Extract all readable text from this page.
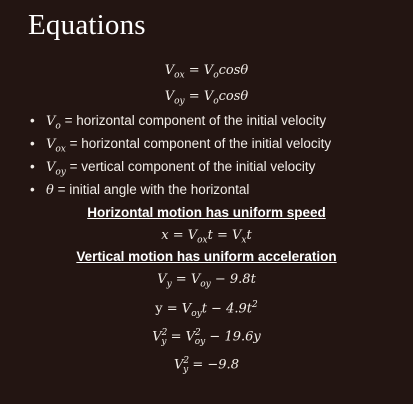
Equations
$V_{ox} = V_o\cos\theta$
$V_{oy} = V_o\cos\theta$
• $V_o$ = horizontal component of the initial velocity
• $V_{ox}$ = horizontal component of the initial velocity
• $V_{oy}$ = vertical component of the initial velocity
• θ = initial angle with the horizontal
Horizontal motion has uniform speed
$x = V_{ox}t = V_xt$
Vertical motion has uniform acceleration
$V_y = V_{oy} - 9.8t$
$y = V_{oy}t - 4.9t^2$
$V^2_y = V^2_{oy} - 19.6y$
$V^2_y = -9.8$
